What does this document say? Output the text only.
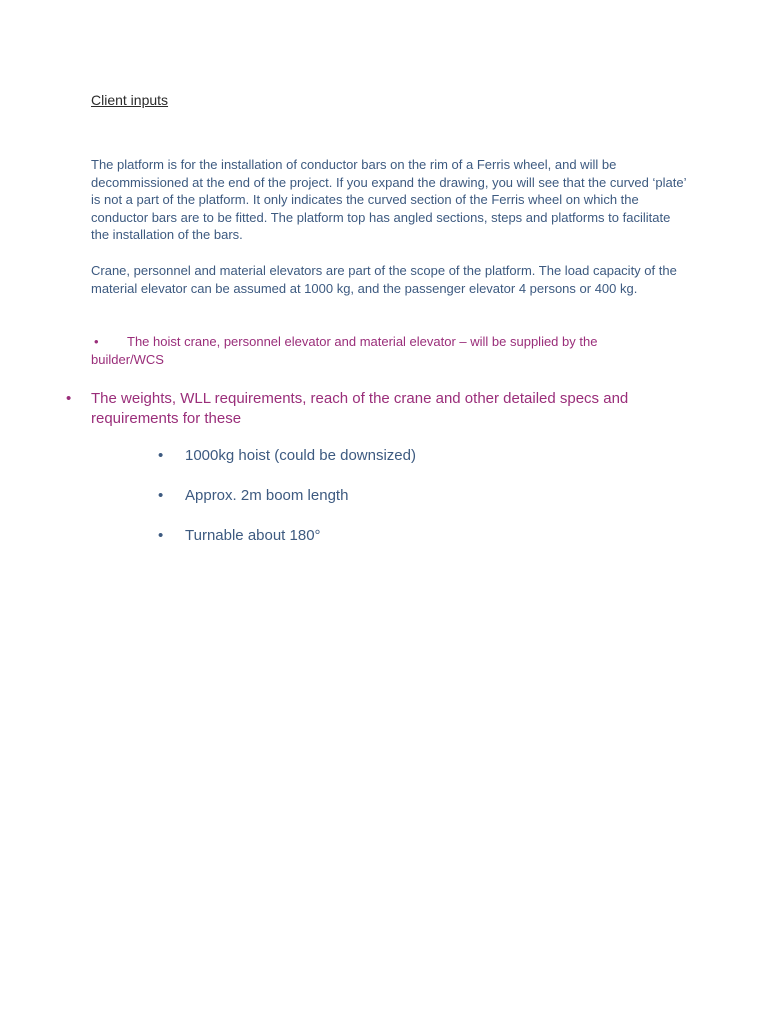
Client inputs

The platform is for the installation of conductor bars on the rim of a Ferris wheel, and will be decommissioned at the end of the project. If you expand the drawing, you will see that the curved ‘plate’ is not a part of the platform. It only indicates the curved section of the Ferris wheel on which the conductor bars are to be fitted. The platform top has angled sections, steps and platforms to facilitate the installation of the bars.

Crane, personnel and material elevators are part of the scope of the platform. The load capacity of the material elevator can be assumed at 1000 kg, and the passenger elevator 4 persons or 400 kg.

•	The hoist crane, personnel elevator and material elevator – will be supplied by the
builder/WCS
• The weights, WLL requirements, reach of the crane and other detailed specs and requirements for these
• 1000kg hoist (could be downsized)
• Approx. 2m boom length
• Turnable about 180°
